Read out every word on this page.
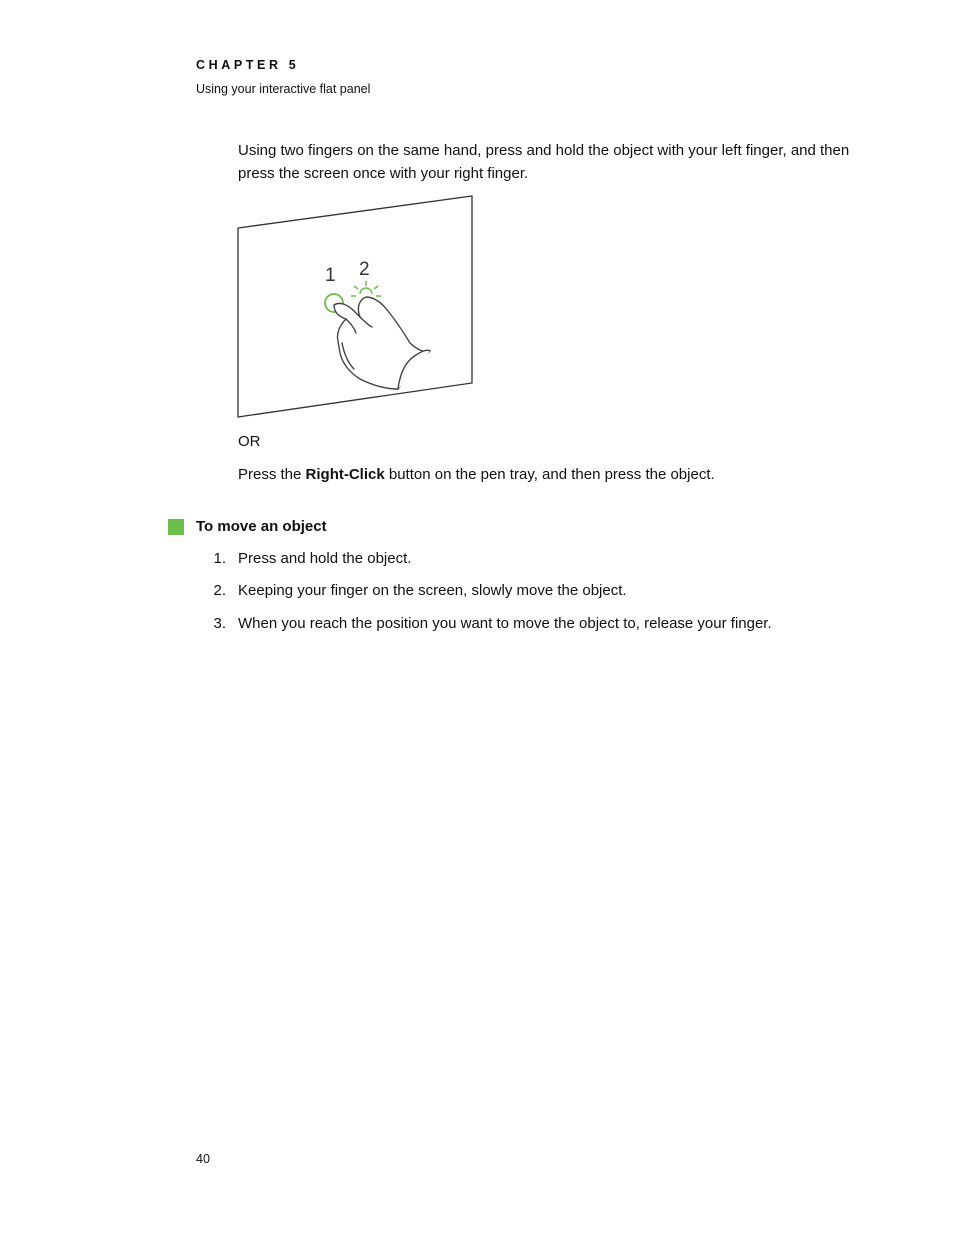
CHAPTER 5
Using your interactive flat panel
Using two fingers on the same hand, press and hold the object with your left finger, and then press the screen once with your right finger.
1 2
OR
Press the Right-Click button on the pen tray, and then press the object.
To move an object
1. Press and hold the object.
2. Keeping your finger on the screen, slowly move the object.
3. When you reach the position you want to move the object to, release your finger.
40
